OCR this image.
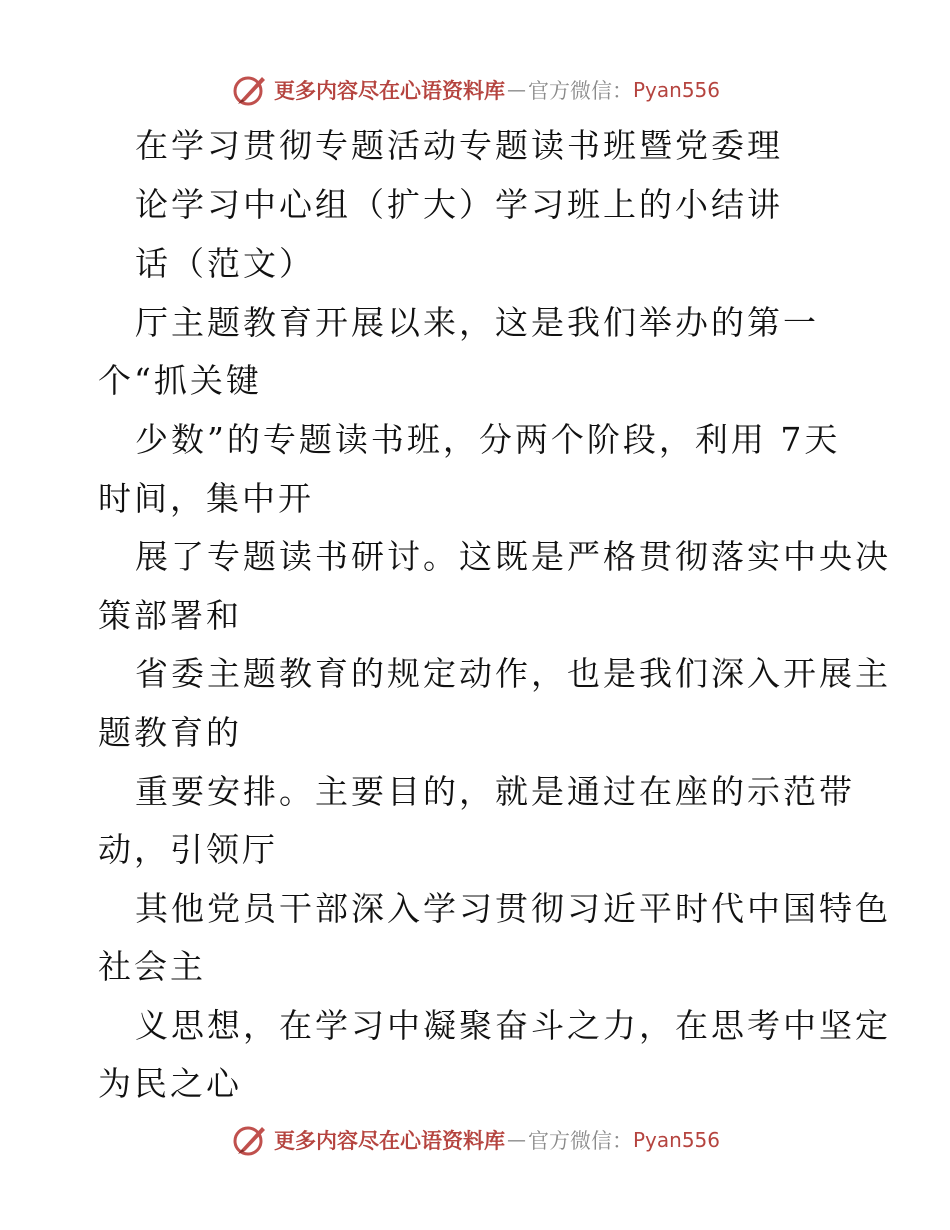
更多内容尽在心语资料库 — 官方微信： Pyan556
在学习贯彻专题活动专题读书班暨党委理
论学习中心组（扩大）学习班上的小结讲
话（范文）
厅主题教育开展以来，这是我们举办的第一
个“抓关键
少数”的专题读书班，分两个阶段，利用 7天
时间，集中开
展了专题读书研讨。这既是严格贯彻落实中央决
策部署和
省委主题教育的规定动作，也是我们深入开展主
题教育的
重要安排。主要目的，就是通过在座的示范带
动，引领厅
其他党员干部深入学习贯彻习近平时代中国特色
社会主
义思想，在学习中凝聚奋斗之力，在思考中坚定
为民之心
更多内容尽在心语资料库 — 官方微信： Pyan556
